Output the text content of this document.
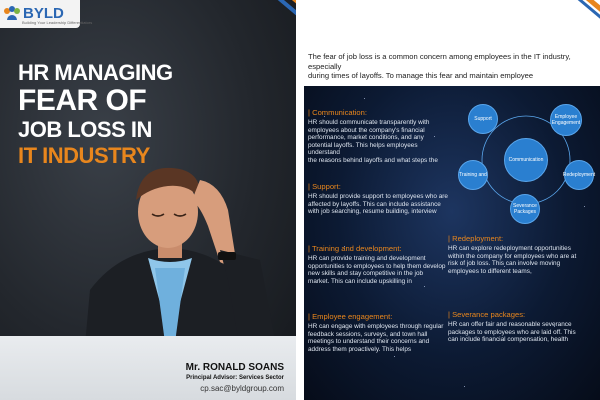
BYLD
Building Your Leadership Differentiators
HR MANAGING
FEAR OF
JOB LOSS IN
IT INDUSTRY
Mr. RONALD SOANS
Principal Advisor: Services Sector
cp.sac@byldgroup.com

The fear of job loss is a common concern among employees in the IT industry, especially

during times of layoffs. To manage this fear and maintain employee

| Communication:

HR should communicate transparently with employees about the company's financial

performance, market conditions, and any potential layoffs. This helps employees understand

the reasons behind layoffs and what steps the

| Support:

HR should provide support to employees who are

affected by layoffs. This can include assistance

with job searching, resume building, interview

| Training and development:

HR can provide training and development

opportunities to employees to help them develop

new skills and stay competitive in the job

market. This can include upskilling in

| Employee engagement:

HR can engage with employees through regular

feedback sessions, surveys, and town hall

meetings to understand their concerns and

address them proactively. This helps

| Redeployment:

HR can explore redeployment opportunities

within the company for employees who are at

risk of job loss. This can involve moving

employees to different teams,

| Severance packages:

HR can offer fair and reasonable severance

packages to employees who are laid off. This

can include financial compensation, health

Communication
Support	Employee Engagement
Redeployment
Severance Packages
Training and
